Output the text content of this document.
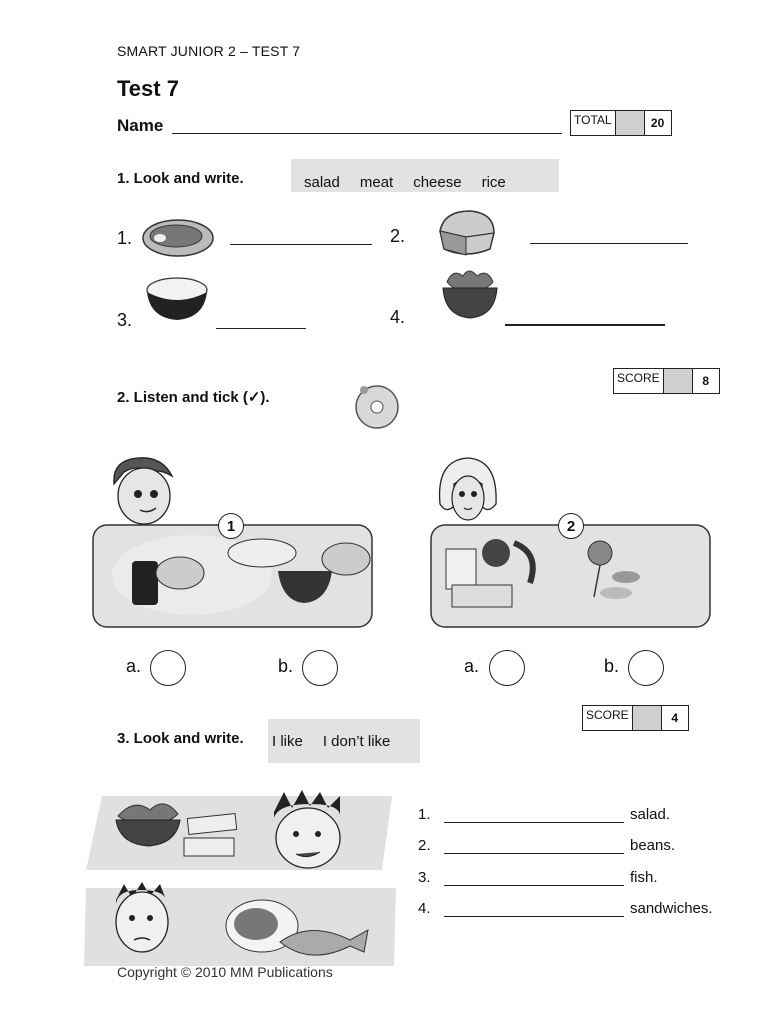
SMART JUNIOR 2 – TEST 7
Test 7
Name	TOTAL	20
1. Look and write.	salad meat cheese rice
1.	2.
3.	4.
SCORE	8
2. Listen and tick (✓).
1
a.	b.
2
a.	b.
SCORE	4
3. Look and write. I like I don’t like
1.	salad.
2.	beans.
3.	fish.
4.	sandwiches.
Copyright © 2010 MM Publications
